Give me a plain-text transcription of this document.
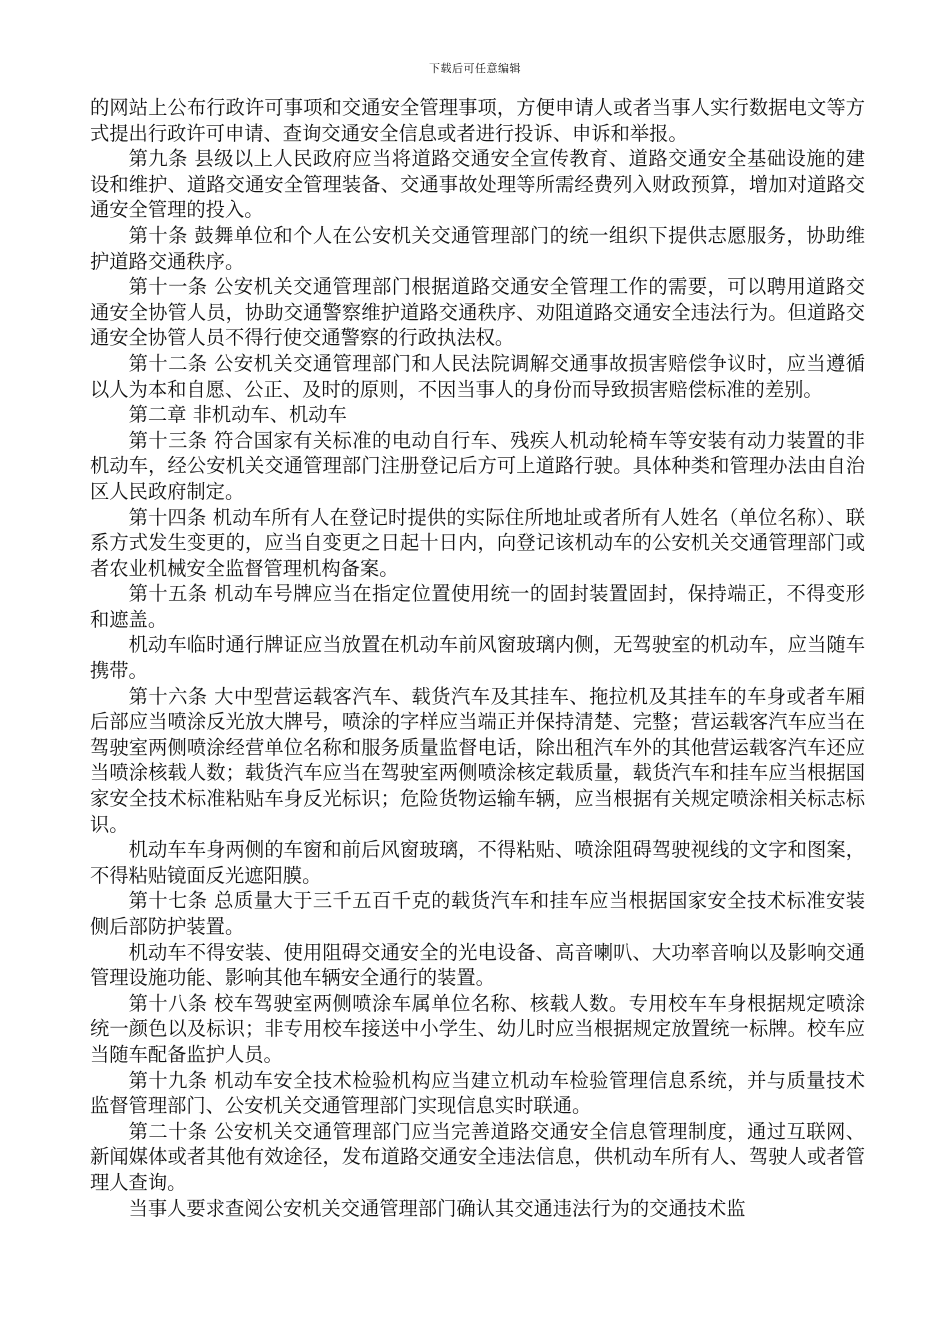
下载后可任意编辑

的网站上公布行政许可事项和交通安全管理事项，方便申请人或者当事人实行数据电文等方式提出行政许可申请、查询交通安全信息或者进行投诉、申诉和举报。

第九条 县级以上人民政府应当将道路交通安全宣传教育、道路交通安全基础设施的建设和维护、道路交通安全管理装备、交通事故处理等所需经费列入财政预算，增加对道路交通安全管理的投入。

第十条 鼓舞单位和个人在公安机关交通管理部门的统一组织下提供志愿服务，协助维护道路交通秩序。

第十一条 公安机关交通管理部门根据道路交通安全管理工作的需要，可以聘用道路交通安全协管人员，协助交通警察维护道路交通秩序、劝阻道路交通安全违法行为。但道路交通安全协管人员不得行使交通警察的行政执法权。

第十二条 公安机关交通管理部门和人民法院调解交通事故损害赔偿争议时，应当遵循以人为本和自愿、公正、及时的原则，不因当事人的身份而导致损害赔偿标准的差别。

第二章 非机动车、机动车

第十三条 符合国家有关标准的电动自行车、残疾人机动轮椅车等安装有动力装置的非机动车，经公安机关交通管理部门注册登记后方可上道路行驶。具体种类和管理办法由自治区人民政府制定。

第十四条 机动车所有人在登记时提供的实际住所地址或者所有人姓名（单位名称）、联系方式发生变更的，应当自变更之日起十日内，向登记该机动车的公安机关交通管理部门或者农业机械安全监督管理机构备案。

第十五条 机动车号牌应当在指定位置使用统一的固封装置固封，保持端正，不得变形和遮盖。

机动车临时通行牌证应当放置在机动车前风窗玻璃内侧，无驾驶室的机动车，应当随车携带。

第十六条 大中型营运载客汽车、载货汽车及其挂车、拖拉机及其挂车的车身或者车厢后部应当喷涂反光放大牌号，喷涂的字样应当端正并保持清楚、完整；营运载客汽车应当在驾驶室两侧喷涂经营单位名称和服务质量监督电话，除出租汽车外的其他营运载客汽车还应当喷涂核载人数；载货汽车应当在驾驶室两侧喷涂核定载质量，载货汽车和挂车应当根据国家安全技术标准粘贴车身反光标识；危险货物运输车辆，应当根据有关规定喷涂相关标志标识。

机动车车身两侧的车窗和前后风窗玻璃，不得粘贴、喷涂阻碍驾驶视线的文字和图案，不得粘贴镜面反光遮阳膜。

第十七条 总质量大于三千五百千克的载货汽车和挂车应当根据国家安全技术标准安装侧后部防护装置。

机动车不得安装、使用阻碍交通安全的光电设备、高音喇叭、大功率音响以及影响交通管理设施功能、影响其他车辆安全通行的装置。

第十八条 校车驾驶室两侧喷涂车属单位名称、核载人数。专用校车车身根据规定喷涂统一颜色以及标识；非专用校车接送中小学生、幼儿时应当根据规定放置统一标牌。校车应当随车配备监护人员。

第十九条 机动车安全技术检验机构应当建立机动车检验管理信息系统，并与质量技术监督管理部门、公安机关交通管理部门实现信息实时联通。

第二十条 公安机关交通管理部门应当完善道路交通安全信息管理制度，通过互联网、新闻媒体或者其他有效途径，发布道路交通安全违法信息，供机动车所有人、驾驶人或者管理人查询。

当事人要求查阅公安机关交通管理部门确认其交通违法行为的交通技术监
